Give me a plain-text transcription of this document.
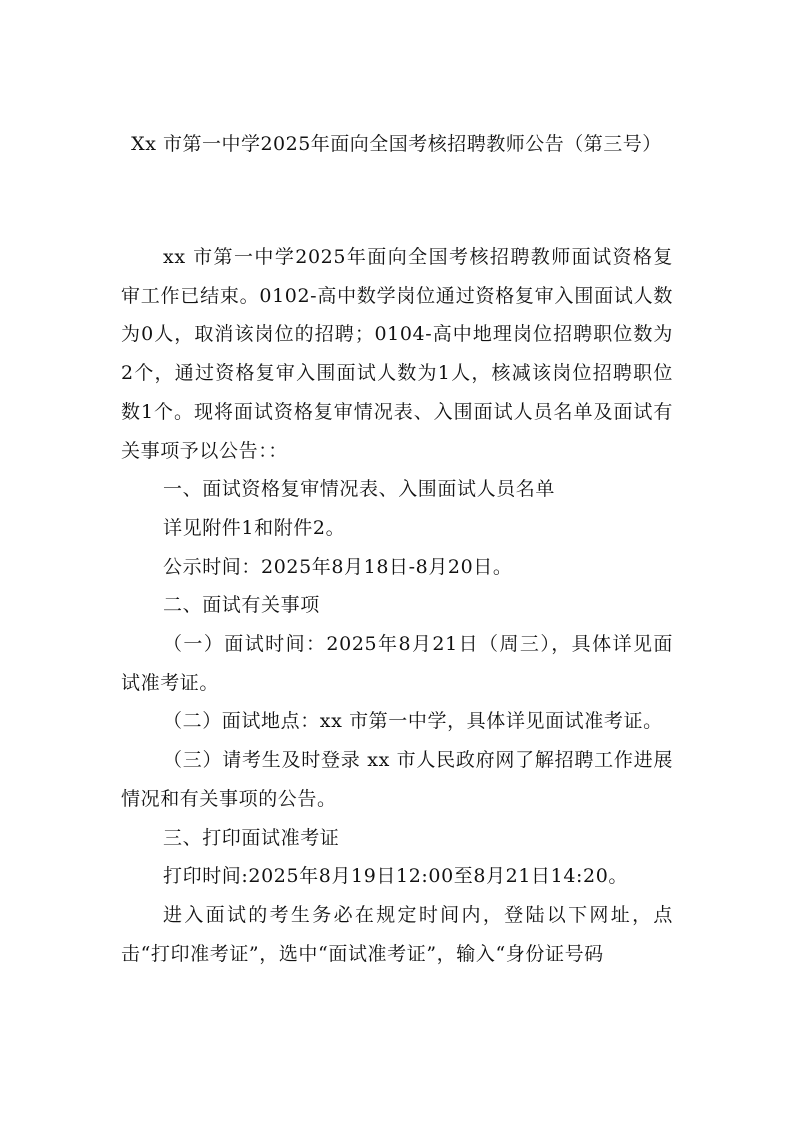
Xx 市第一中学2025年面向全国考核招聘教师公告（第三号）

xx 市第一中学2025年面向全国考核招聘教师面试资格复审工作已结束。0102-高中数学岗位通过资格复审入围面试人数为0人，取消该岗位的招聘；0104-高中地理岗位招聘职位数为2个，通过资格复审入围面试人数为1人，核减该岗位招聘职位数1个。现将面试资格复审情况表、入围面试人员名单及面试有关事项予以公告：：

一、面试资格复审情况表、入围面试人员名单

详见附件1和附件2。

公示时间：2025年8月18日-8月20日。

二、面试有关事项

（一）面试时间：2025年8月21日（周三），具体详见面试准考证。

（二）面试地点：xx 市第一中学，具体详见面试准考证。

（三）请考生及时登录 xx 市人民政府网了解招聘工作进展情况和有关事项的公告。

三、打印面试准考证

打印时间:2025年8月19日12:00至8月21日14:20。

进入面试的考生务必在规定时间内，登陆以下网址，点击“打印准考证”，选中“面试准考证”，输入“身份证号码
